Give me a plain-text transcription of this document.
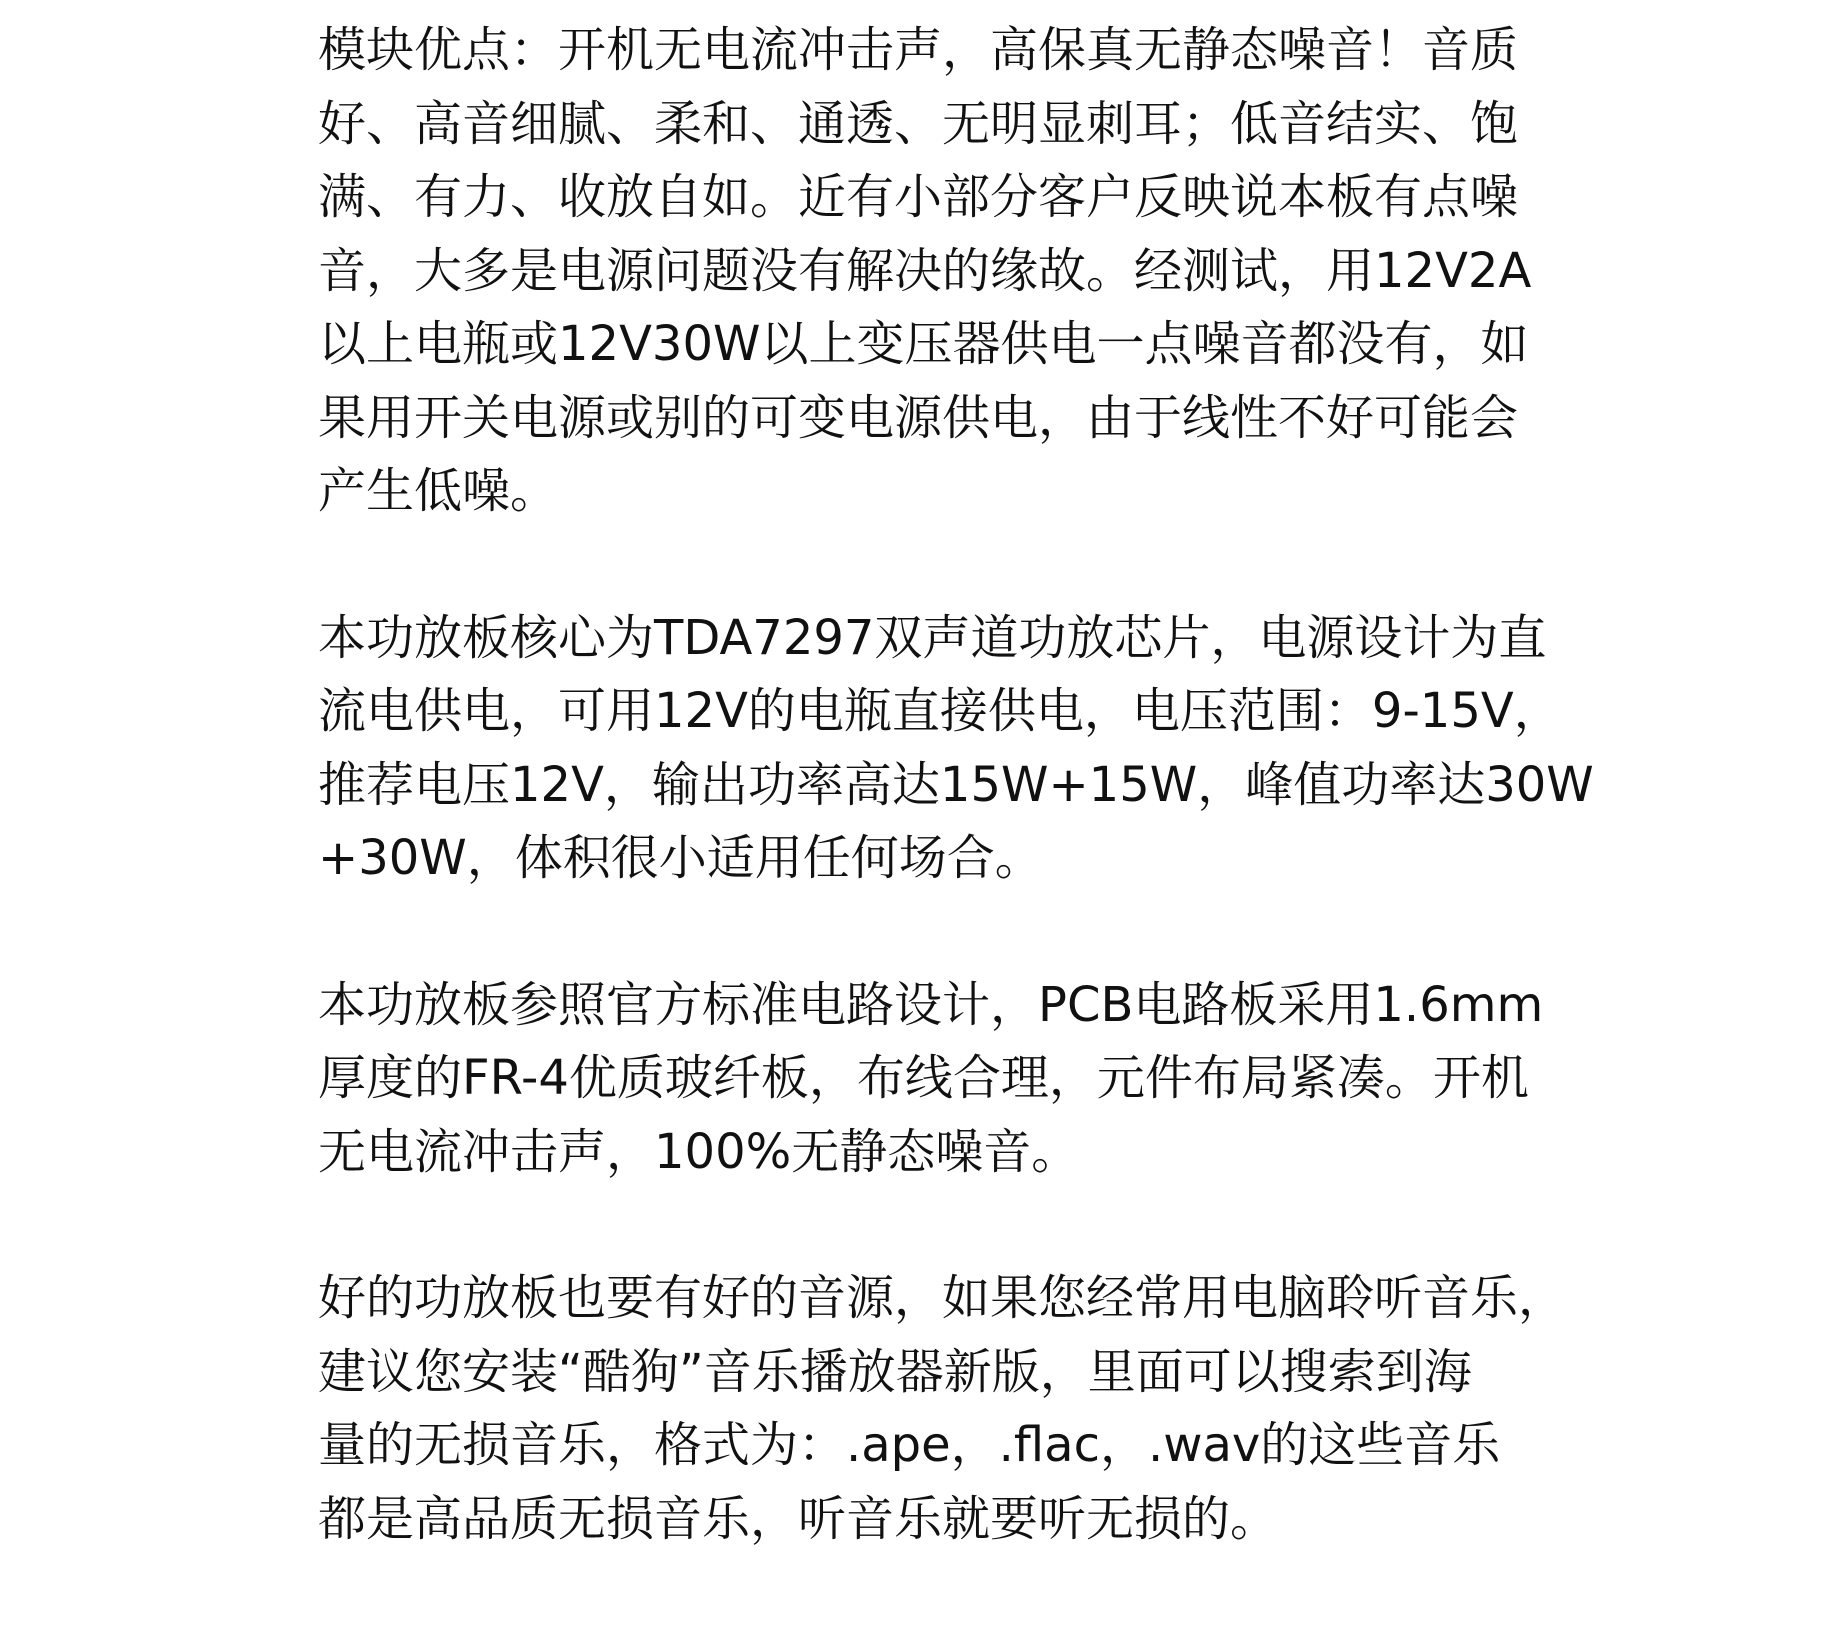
模块优点：开机无电流冲击声，高保真无静态噪音！音质
好、高音细腻、柔和、通透、无明显刺耳；低音结实、饱
满、有力、收放自如。近有小部分客户反映说本板有点噪
音，大多是电源问题没有解决的缘故。经测试，用12V2A
以上电瓶或12V30W以上变压器供电一点噪音都没有，如
果用开关电源或别的可变电源供电，由于线性不好可能会
产生低噪。
本功放板核心为TDA7297双声道功放芯片，电源设计为直
流电供电，可用12V的电瓶直接供电，电压范围：9-15V，
推荐电压12V，输出功率高达15W+15W，峰值功率达30W
+30W，体积很小适用任何场合。
本功放板参照官方标准电路设计，PCB电路板采用1.6mm
厚度的FR-4优质玻纤板，布线合理，元件布局紧凑。开机
无电流冲击声，100%无静态噪音。
好的功放板也要有好的音源，如果您经常用电脑聆听音乐，
建议您安装“酷狗”音乐播放器新版，里面可以搜索到海
量的无损音乐，格式为：.ape，.flac，.wav的这些音乐
都是高品质无损音乐，听音乐就要听无损的。
